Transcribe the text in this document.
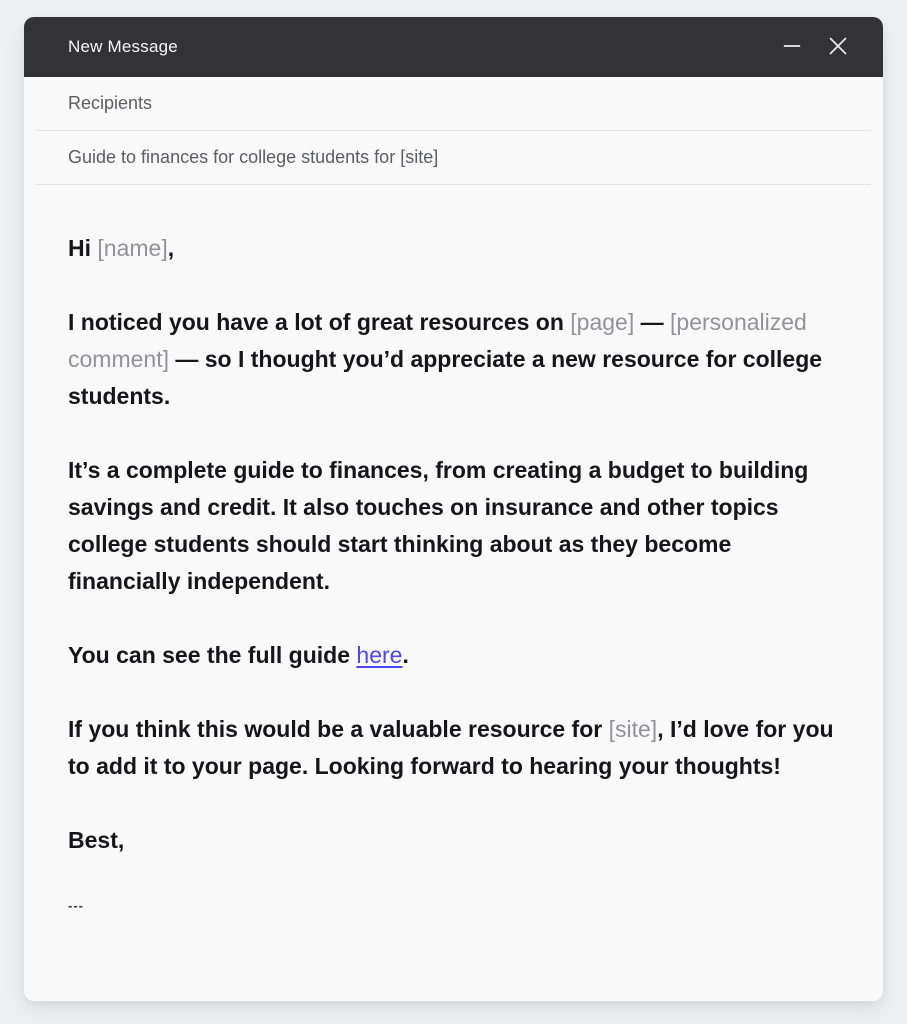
New Message
Recipients
Guide to finances for college students for [site]

Hi [name],

I noticed you have a lot of great resources on [page] — [personalized comment] — so I thought you’d appreciate a new resource for college students.

It’s a complete guide to finances, from creating a budget to building savings and credit. It also touches on insurance and other topics college students should start thinking about as they become financially independent.

You can see the full guide here.

If you think this would be a valuable resource for [site], I’d love for you to add it to your page. Looking forward to hearing your thoughts!

Best,

---
